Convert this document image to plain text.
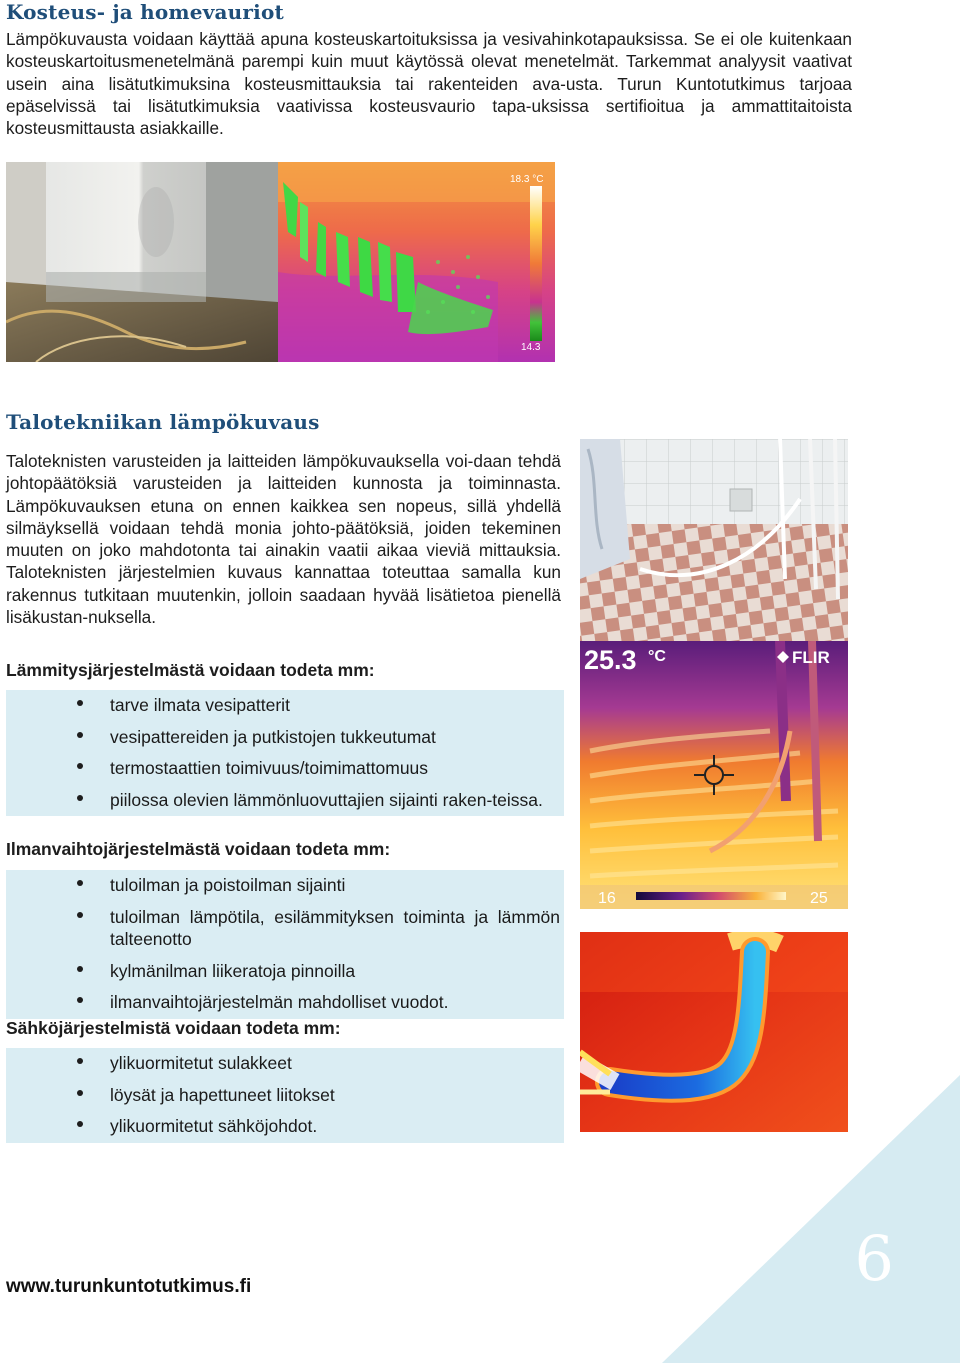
Kosteus- ja homevauriot
Lämpökuvausta voidaan käyttää apuna kosteuskartoituksissa ja vesivahinkotapauksissa. Se ei ole kuitenkaan kosteuskartoitusmenetelmänä parempi kuin muut käytössä olevat menetelmät. Tarkemmat analyysit vaativat usein aina lisätutkimuksina kosteusmittauksia tai rakenteiden ava-usta. Turun Kuntotutkimus tarjoaa epäselvissä tai lisätutkimuksia vaativissa kosteusvaurio tapa-uksissa sertifioitua ja ammattitaitoista kosteusmittausta asiakkaille.
18.3 °C
14.3
Talotekniikan lämpökuvaus
Taloteknisten varusteiden ja laitteiden lämpökuvauksella voi-daan tehdä johtopäätöksiä varusteiden ja laitteiden kunnosta ja toiminnasta. Lämpökuvauksen etuna on ennen kaikkea sen nopeus, sillä yhdellä silmäyksellä voidaan tehdä monia johto-päätöksiä, joiden tekeminen muuten on joko mahdotonta tai ainakin vaatii aikaa vieviä mittauksia. Taloteknisten järjestelmien kuvaus kannattaa toteuttaa samalla kun rakennus tutkitaan muutenkin, jolloin saadaan hyvää lisätietoa pienellä lisäkustan-nuksella.
Lämmitysjärjestelmästä voidaan todeta mm:
tarve ilmata vesipatterit
vesipattereiden ja putkistojen tukkeutumat
termostaattien toimivuus/toimimattomuus
piilossa olevien lämmönluovuttajien sijainti raken-teissa.
Ilmanvaihtojärjestelmästä voidaan todeta mm:
tuloilman ja poistoilman sijainti
tuloilman lämpötila, esilämmityksen toiminta ja lämmön talteenotto
kylmänilman liikeratoja pinnoilla
ilmanvaihtojärjestelmän mahdolliset vuodot.
Sähköjärjestelmistä voidaan todeta mm:
ylikuormitetut sulakkeet
löysät ja hapettuneet liitokset
ylikuormitetut sähköjohdot.
25.3 °C	FLIR
16	25
www.turunkuntotutkimus.fi	6
